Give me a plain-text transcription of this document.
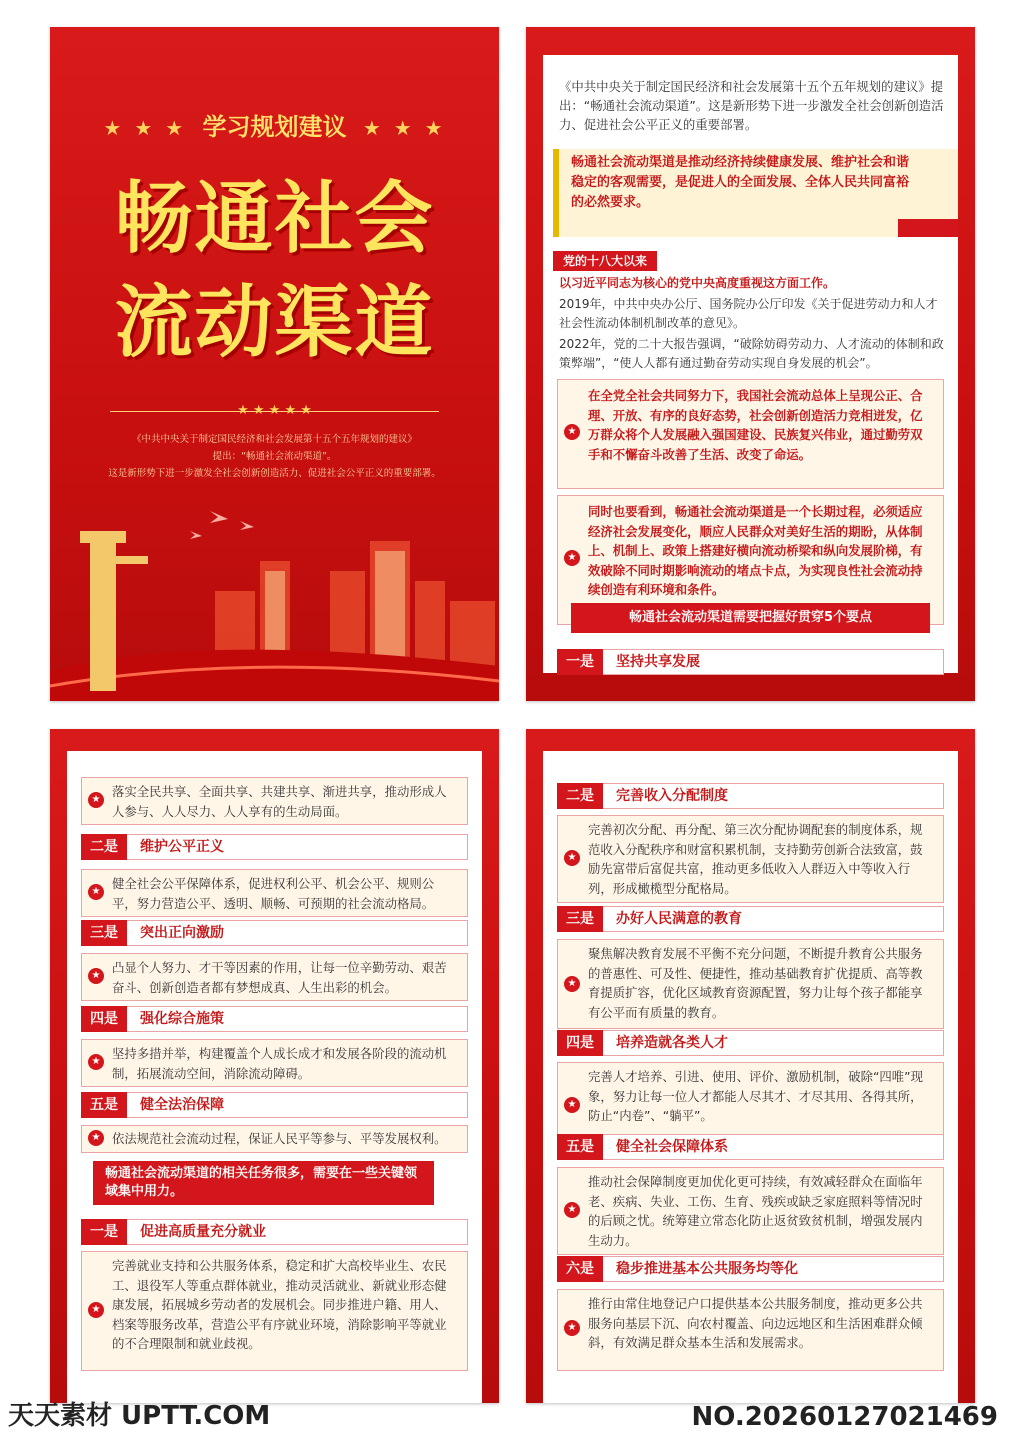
★ ★ ★ 学习规划建议 ★ ★ ★
畅通社会
流动渠道
★ ★ ★ ★ ★
《中共中央关于制定国民经济和社会发展第十五个五年规划的建议》
提出：“畅通社会流动渠道”。
这是新形势下进一步激发全社会创新创造活力、促进社会公平正义的重要部署。
《中共中央关于制定国民经济和社会发展第十五个五年规划的建议》提出：“畅通社会流动渠道”。这是新形势下进一步激发全社会创新创造活力、促进社会公平正义的重要部署。
畅通社会流动渠道是推动经济持续健康发展、维护社会和谐稳定的客观需要，是促进人的全面发展、全体人民共同富裕的必然要求。
党的十八大以来
以习近平同志为核心的党中央高度重视这方面工作。
2019年，中共中央办公厅、国务院办公厅印发《关于促进劳动力和人才社会性流动体制机制改革的意见》。
2022年，党的二十大报告强调，“破除妨碍劳动力、人才流动的体制和政策弊端”，“使人人都有通过勤奋劳动实现自身发展的机会”。
★
在全党全社会共同努力下，我国社会流动总体上呈现公正、合理、开放、有序的良好态势，社会创新创造活力竞相迸发，亿万群众将个人发展融入强国建设、民族复兴伟业，通过勤劳双手和不懈奋斗改善了生活、改变了命运。
★
同时也要看到，畅通社会流动渠道是一个长期过程，必须适应经济社会发展变化，顺应人民群众对美好生活的期盼，从体制上、机制上、政策上搭建好横向流动桥梁和纵向发展阶梯，有效破除不同时期影响流动的堵点卡点，为实现良性社会流动持续创造有利环境和条件。
畅通社会流动渠道需要把握好贯穿5个要点
一是	坚持共享发展
★
落实全民共享、全面共享、共建共享、渐进共享，推动形成人人参与、人人尽力、人人享有的生动局面。
二是	维护公平正义
★
健全社会公平保障体系，促进权利公平、机会公平、规则公平，努力营造公平、透明、顺畅、可预期的社会流动格局。
三是	突出正向激励
★
凸显个人努力、才干等因素的作用，让每一位辛勤劳动、艰苦奋斗、创新创造者都有梦想成真、人生出彩的机会。
四是	强化综合施策
★
坚持多措并举，构建覆盖个人成长成才和发展各阶段的流动机制，拓展流动空间，消除流动障碍。
五是	健全法治保障
★ 依法规范社会流动过程，保证人民平等参与、平等发展权利。
畅通社会流动渠道的相关任务很多，需要在一些关键领域集中用力。
一是	促进高质量充分就业
★
完善就业支持和公共服务体系，稳定和扩大高校毕业生、农民工、退役军人等重点群体就业，推动灵活就业、新就业形态健康发展，拓展城乡劳动者的发展机会。同步推进户籍、用人、档案等服务改革，营造公平有序就业环境，消除影响平等就业的不合理限制和就业歧视。
二是	完善收入分配制度
★
完善初次分配、再分配、第三次分配协调配套的制度体系，规范收入分配秩序和财富积累机制，支持勤劳创新合法致富，鼓励先富带后富促共富，推动更多低收入人群迈入中等收入行列，形成橄榄型分配格局。
三是	办好人民满意的教育
★
聚焦解决教育发展不平衡不充分问题，不断提升教育公共服务的普惠性、可及性、便捷性，推动基础教育扩优提质、高等教育提质扩容，优化区域教育资源配置，努力让每个孩子都能享有公平而有质量的教育。
四是	培养造就各类人才
★
完善人才培养、引进、使用、评价、激励机制，破除“四唯”现象，努力让每一位人才都能人尽其才、才尽其用、各得其所，防止“内卷”、“躺平”。
五是	健全社会保障体系
★
推动社会保障制度更加优化更可持续，有效减轻群众在面临年老、疾病、失业、工伤、生育、残疾或缺乏家庭照料等情况时的后顾之忧。统筹建立常态化防止返贫致贫机制，增强发展内生动力。
六是	稳步推进基本公共服务均等化
★
推行由常住地登记户口提供基本公共服务制度，推动更多公共服务向基层下沉、向农村覆盖、向边远地区和生活困难群众倾斜，有效满足群众基本生活和发展需求。
天天素材 UPTT.COM	NO.20260127021469
